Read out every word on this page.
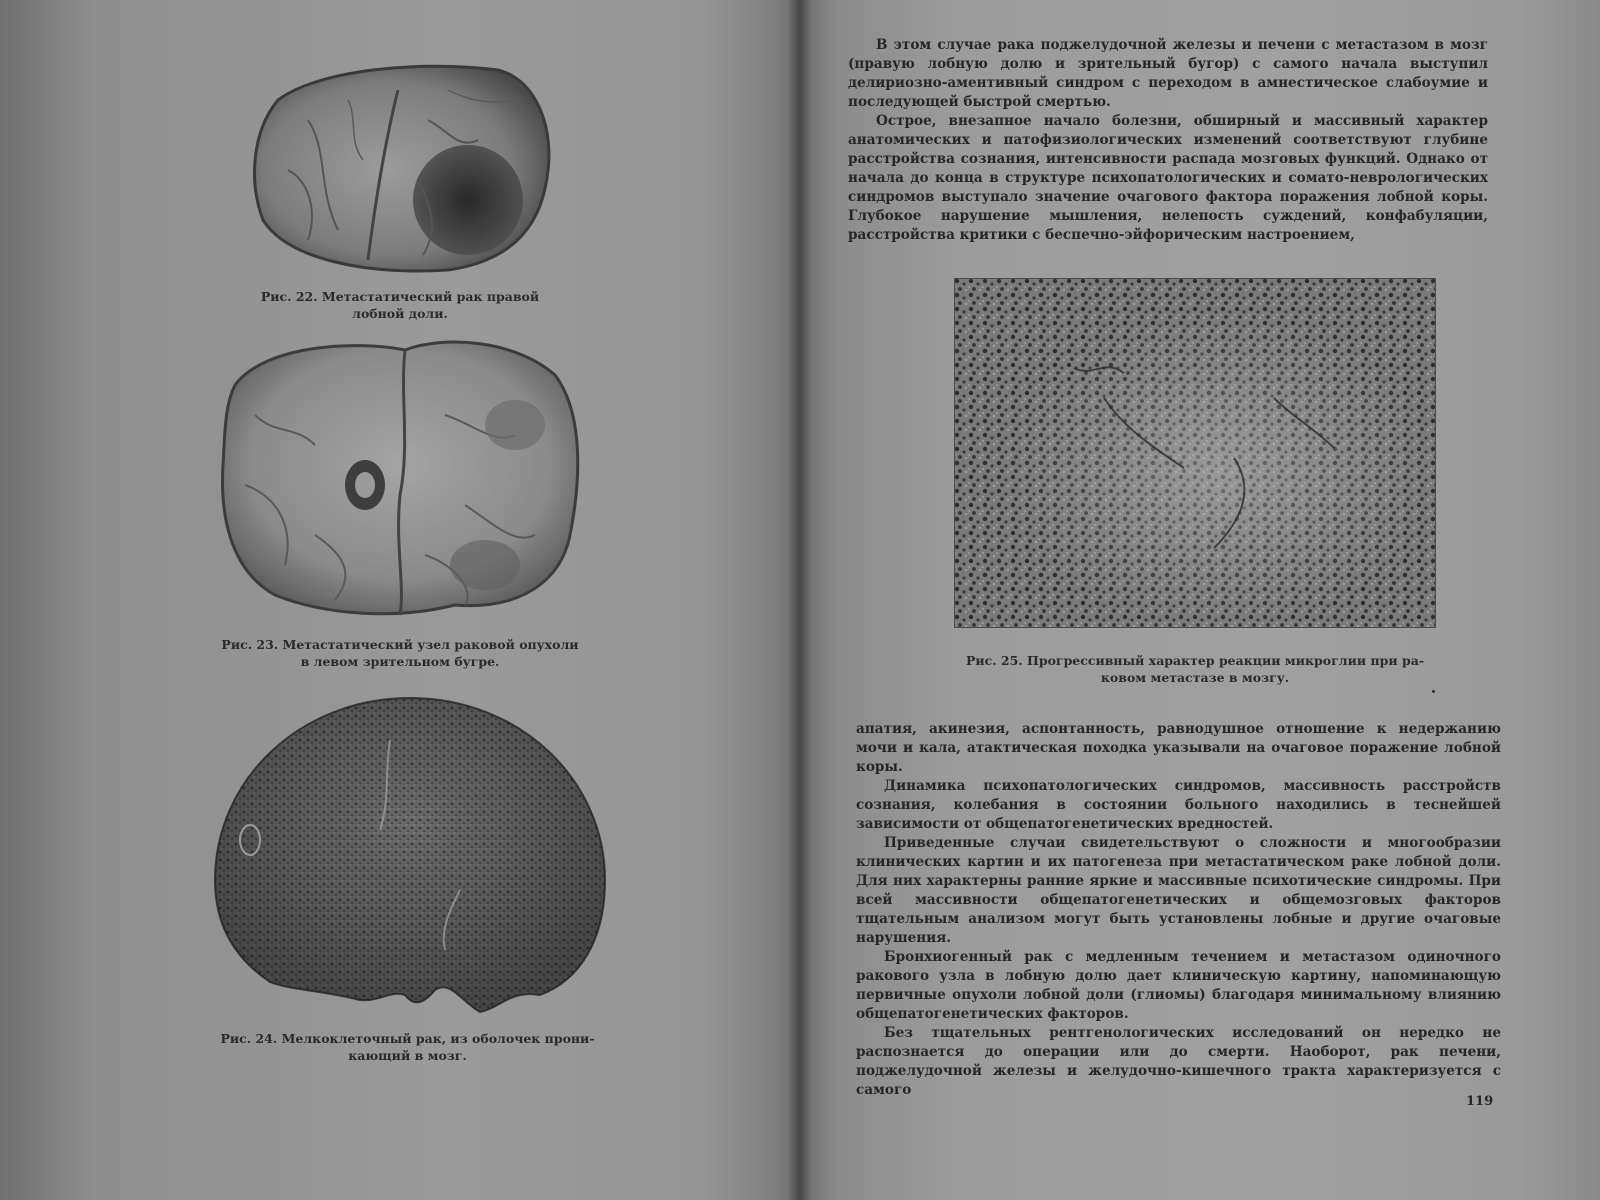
Рис. 22. Метастатический рак правой
лобной доли.
Рис. 23. Метастатический узел раковой опухоли
в левом зрительном бугре.
Рис. 24. Мелкоклеточный рак, из оболочек прони-
кающий в мозг.

В этом случае рака поджелудочной железы и печени с метастазом в мозг (правую лобную долю и зрительный бугор) с самого начала выступил делириозно-аментивный синдром с переходом в амнестическое слабоумие и последующей быстрой смертью.

Острое, внезапное начало болезни, обширный и массивный характер анатомических и патофизиологических изменений соответствуют глубине расстройства сознания, интенсивности распада мозговых функций. Однако от начала до конца в структуре психопатологических и сомато-неврологических синдромов выступало значение очагового фактора поражения лобной коры. Глубокое нарушение мышления, нелепость суждений, конфабуляции, расстройства критики с беспечно-эйфорическим настроением,

Рис. 25. Прогрессивный характер реакции микроглии при ра-
ковом метастазе в мозгу.

апатия, акинезия, аспонтанность, равнодушное отношение к недержанию мочи и кала, атактическая походка указывали на очаговое поражение лобной коры.

Динамика психопатологических синдромов, массивность расстройств сознания, колебания в состоянии больного находились в теснейшей зависимости от общепатогенетических вредностей.

Приведенные случаи свидетельствуют о сложности и многообразии клинических картин и их патогенеза при метастатическом раке лобной доли. Для них характерны ранние яркие и массивные психотические синдромы. При всей массивности общепатогенетических и общемозговых факторов тщательным анализом могут быть установлены лобные и другие очаговые нарушения.

Бронхиогенный рак с медленным течением и метастазом одиночного ракового узла в лобную долю дает клиническую картину, напоминающую первичные опухоли лобной доли (глиомы) благодаря минимальному влиянию общепатогенетических факторов.

Без тщательных рентгенологических исследований он нередко не распознается до операции или до смерти. Наоборот, рак печени, поджелудочной железы и желудочно-кишечного тракта характеризуется с самого

119
